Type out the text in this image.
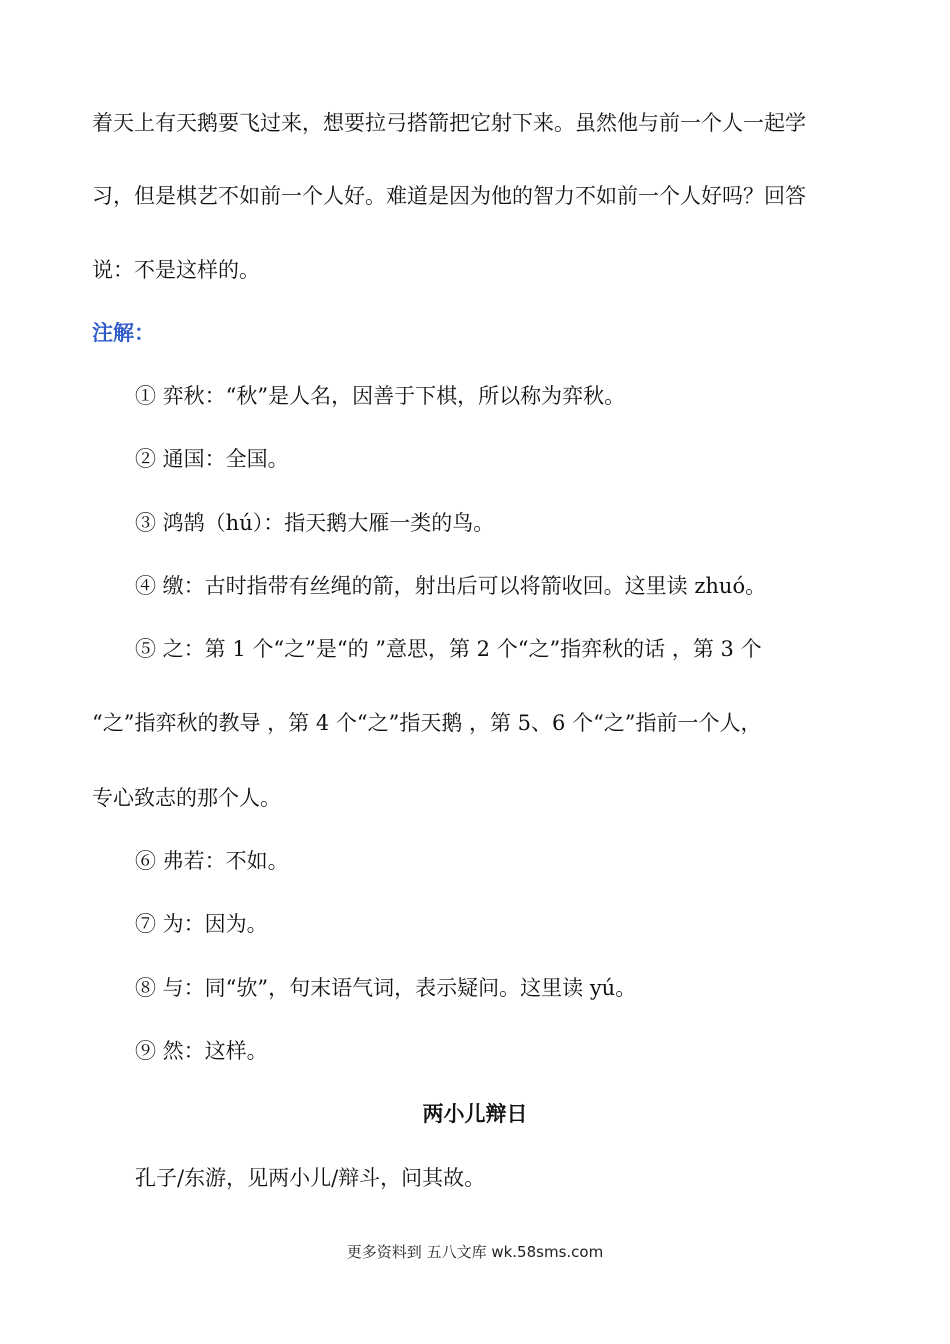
着天上有天鹅要飞过来，想要拉弓搭箭把它射下来。虽然他与前一个人一起学
习，但是棋艺不如前一个人好。难道是因为他的智力不如前一个人好吗？回答
说：不是这样的。
注解：
① 弈秋：“秋”是人名，因善于下棋，所以称为弈秋。
② 通国：全国。
③ 鸿鹄（hú）：指天鹅大雁一类的鸟。
④ 缴：古时指带有丝绳的箭，射出后可以将箭收回。这里读 zhuó。
⑤ 之：第 1 个“之”是“的 ”意思，第 2 个“之”指弈秋的话 ，第 3 个
“之”指弈秋的教导 ，第 4 个“之”指天鹅 ，第 5、6 个“之”指前一个人，
专心致志的那个人。
⑥ 弗若：不如。
⑦ 为：因为。
⑧ 与：同“欤”，句末语气词，表示疑问。这里读 yú。
⑨ 然：这样。
两小儿辩日
孔子/东游，见两小儿/辩斗，问其故。
更多资料到 五八文库 wk.58sms.com
